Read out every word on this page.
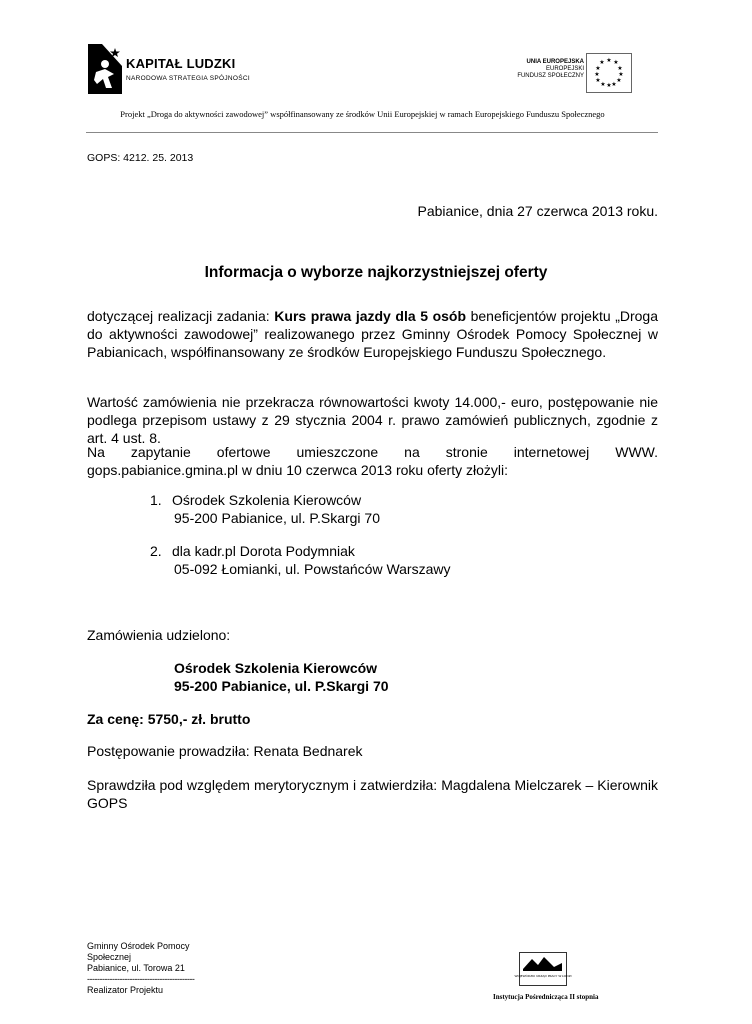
KAPITAŁ LUDZKI
NARODOWA STRATEGIA SPÓJNOŚCI
UNIA EUROPEJSKA
EUROPEJSKI
FUNDUSZ SPOŁECZNY
★ ★
★
★
★
★
★
★
★
★
★
★
Projekt „Droga do aktywności zawodowej” współfinansowany ze środków Unii Europejskiej w ramach Europejskiego Funduszu Społecznego
GOPS: 4212. 25. 2013
Pabianice, dnia 27 czerwca 2013 roku.
Informacja o wyborze najkorzystniejszej oferty
dotyczącej realizacji zadania: Kurs prawa jazdy dla 5 osób beneficjentów projektu „Droga do aktywności zawodowej” realizowanego przez Gminny Ośrodek Pomocy Społecznej w Pabianicach, współfinansowany ze środków Europejskiego Funduszu Społecznego.
Wartość zamówienia nie przekracza równowartości kwoty 14.000,- euro, postępowanie nie podlega przepisom ustawy z 29 stycznia 2004 r. prawo zamówień publicznych, zgodnie z art. 4 ust. 8.
Na zapytanie ofertowe umieszczone na stronie internetowej WWW. gops.pabianice.gmina.pl w dniu 10 czerwca 2013 roku oferty złożyli:
1. Ośrodek Szkolenia Kierowców
95-200 Pabianice, ul. P.Skargi 70
2. dla kadr.pl Dorota Podymniak
05-092 Łomianki, ul. Powstańców Warszawy
Zamówienia udzielono:
Ośrodek Szkolenia Kierowców
95-200 Pabianice, ul. P.Skargi 70
Za cenę: 5750,- zł. brutto
Postępowanie prowadziła: Renata Bednarek
Sprawdziła pod względem merytorycznym i zatwierdziła: Magdalena Mielczarek – Kierownik GOPS
Gminny Ośrodek Pomocy
Społecznej
Pabianice, ul. Torowa 21
-------------------------------------------
Realizator Projektu
WOJEWÓDZKI URZĄD PRACY W ŁODZI
Instytucja Pośrednicząca II stopnia
